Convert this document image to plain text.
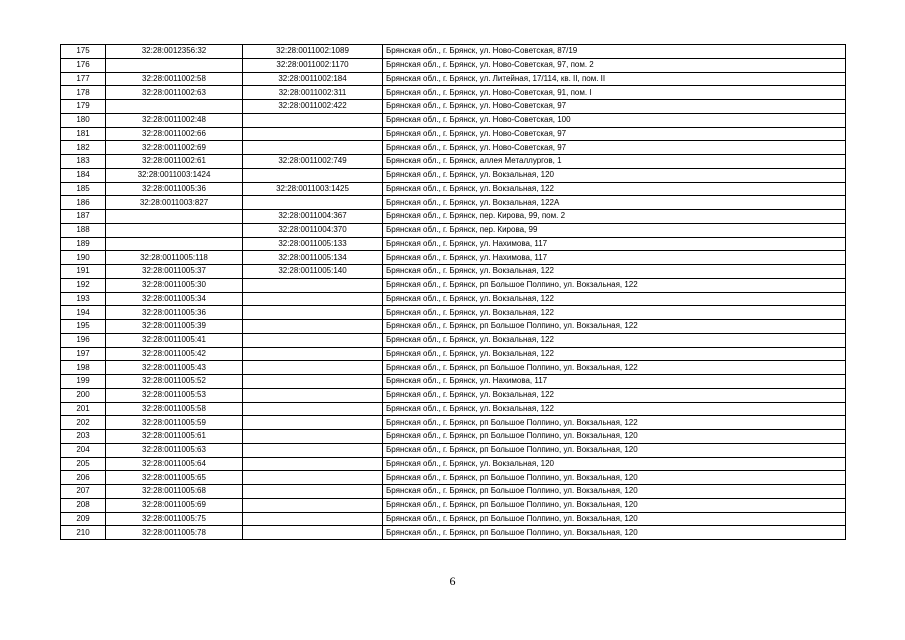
175	32:28:0012356:32	32:28:0011002:1089	Брянская обл., г. Брянск, ул. Ново-Советская, 87/19
176		32:28:0011002:1170	Брянская обл., г. Брянск, ул. Ново-Советская, 97, пом. 2
177	32:28:0011002:58	32:28:0011002:184	Брянская обл., г. Брянск, ул. Литейная, 17/114, кв. II, пом. II
178	32:28:0011002:63	32:28:0011002:311	Брянская обл., г. Брянск, ул. Ново-Советская, 91, пом. I
179		32:28:0011002:422	Брянская обл., г. Брянск, ул. Ново-Советская, 97
180	32:28:0011002:48		Брянская обл., г. Брянск, ул. Ново-Советская, 100
181	32:28:0011002:66		Брянская обл., г. Брянск, ул. Ново-Советская, 97
182	32:28:0011002:69		Брянская обл., г. Брянск, ул. Ново-Советская, 97
183	32:28:0011002:61	32:28:0011002:749	Брянская обл., г. Брянск, аллея Металлургов, 1
184	32:28:0011003:1424		Брянская обл., г. Брянск, ул. Вокзальная, 120
185	32:28:0011005:36	32:28:0011003:1425	Брянская обл., г. Брянск, ул. Вокзальная, 122
186	32:28:0011003:827		Брянская обл., г. Брянск, ул. Вокзальная, 122А
187		32:28:0011004:367	Брянская обл., г. Брянск, пер. Кирова, 99, пом. 2
188		32:28:0011004:370	Брянская обл., г. Брянск, пер. Кирова, 99
189		32:28:0011005:133	Брянская обл., г. Брянск, ул. Нахимова, 117
190	32:28:0011005:118	32:28:0011005:134	Брянская обл., г. Брянск, ул. Нахимова, 117
191	32:28:0011005:37	32:28:0011005:140	Брянская обл., г. Брянск, ул. Вокзальная, 122
192	32:28:0011005:30		Брянская обл., г. Брянск, рп Большое Полпино, ул. Вокзальная, 122
193	32:28:0011005:34		Брянская обл., г. Брянск, ул. Вокзальная, 122
194	32:28:0011005:36		Брянская обл., г. Брянск, ул. Вокзальная, 122
195	32:28:0011005:39		Брянская обл., г. Брянск, рп Большое Полпино, ул. Вокзальная, 122
196	32:28:0011005:41		Брянская обл., г. Брянск, ул. Вокзальная, 122
197	32:28:0011005:42		Брянская обл., г. Брянск, ул. Вокзальная, 122
198	32:28:0011005:43		Брянская обл., г. Брянск, рп Большое Полпино, ул. Вокзальная, 122
199	32:28:0011005:52		Брянская обл., г. Брянск, ул. Нахимова, 117
200	32:28:0011005:53		Брянская обл., г. Брянск, ул. Вокзальная, 122
201	32:28:0011005:58		Брянская обл., г. Брянск, ул. Вокзальная, 122
202	32:28:0011005:59		Брянская обл., г. Брянск, рп Большое Полпино, ул. Вокзальная, 122
203	32:28:0011005:61		Брянская обл., г. Брянск, рп Большое Полпино, ул. Вокзальная, 120
204	32:28:0011005:63		Брянская обл., г. Брянск, рп Большое Полпино, ул. Вокзальная, 120
205	32:28:0011005:64		Брянская обл., г. Брянск, ул. Вокзальная, 120
206	32:28:0011005:65		Брянская обл., г. Брянск, рп Большое Полпино, ул. Вокзальная, 120
207	32:28:0011005:68		Брянская обл., г. Брянск, рп Большое Полпино, ул. Вокзальная, 120
208	32:28:0011005:69		Брянская обл., г. Брянск, рп Большое Полпино, ул. Вокзальная, 120
209	32:28:0011005:75		Брянская обл., г. Брянск, рп Большое Полпино, ул. Вокзальная, 120
210	32:28:0011005:78		Брянская обл., г. Брянск, рп Большое Полпино, ул. Вокзальная, 120
6
